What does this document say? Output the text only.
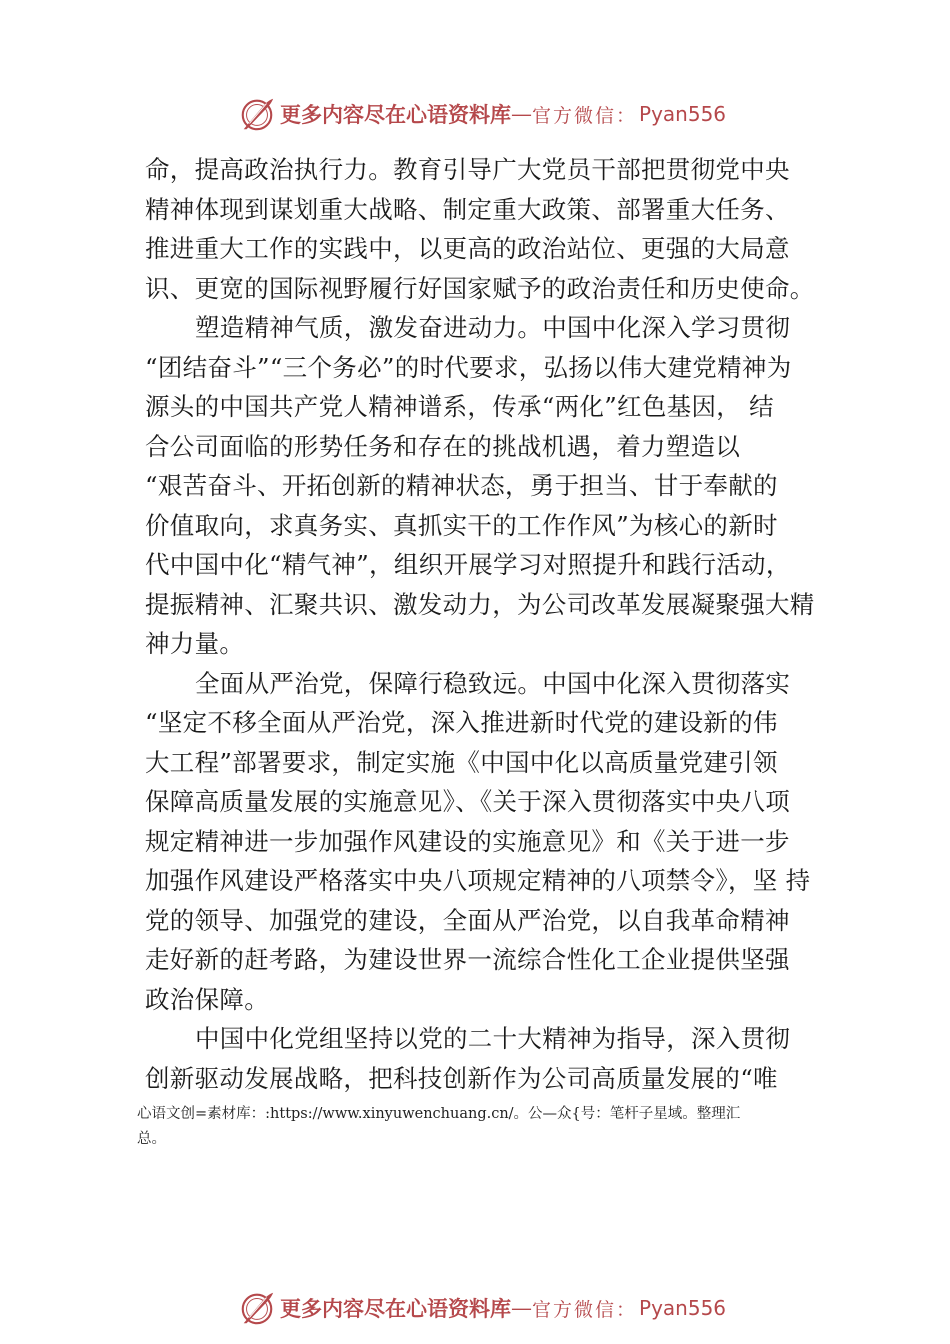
更多内容尽在心语资料库 — 官方微信： Pyan556
命，提高政治执行力。教育引导广大党员干部把贯彻党中央
精神体现到谋划重大战略、制定重大政策、部署重大任务、
推进重大工作的实践中，以更高的政治站位、更强的大局意
识、更宽的国际视野履行好国家赋予的政治责任和历史使命。
塑造精神气质，激发奋进动力。中国中化深入学习贯彻
“团结奋斗”“三个务必”的时代要求，弘扬以伟大建党精神为
源头的中国共产党人精神谱系，传承“两化”红色基因， 结
合公司面临的形势任务和存在的挑战机遇，着力塑造以
“艰苦奋斗、开拓创新的精神状态，勇于担当、甘于奉献的
价值取向，求真务实、真抓实干的工作作风”为核心的新时
代中国中化“精气神”，组织开展学习对照提升和践行活动，
提振精神、汇聚共识、激发动力，为公司改革发展凝聚强大精
神力量。
全面从严治党，保障行稳致远。中国中化深入贯彻落实
“坚定不移全面从严治党，深入推进新时代党的建设新的伟
大工程”部署要求，制定实施《中国中化以高质量党建引领
保障高质量发展的实施意见》、《关于深入贯彻落实中央八项
规定精神进一步加强作风建设的实施意见》和《关于进一步
加强作风建设严格落实中央八项规定精神的八项禁令》，坚 持
党的领导、加强党的建设，全面从严治党，以自我革命精神
走好新的赶考路，为建设世界一流综合性化工企业提供坚强
政治保障。
中国中化党组坚持以党的二十大精神为指导，深入贯彻
创新驱动发展战略，把科技创新作为公司高质量发展的“唯
心语文创=素材库：:https://www.xinyuwenchuang.cn/。公—众{号：笔杆子星域。整理汇
总。
更多内容尽在心语资料库 — 官方微信： Pyan556
